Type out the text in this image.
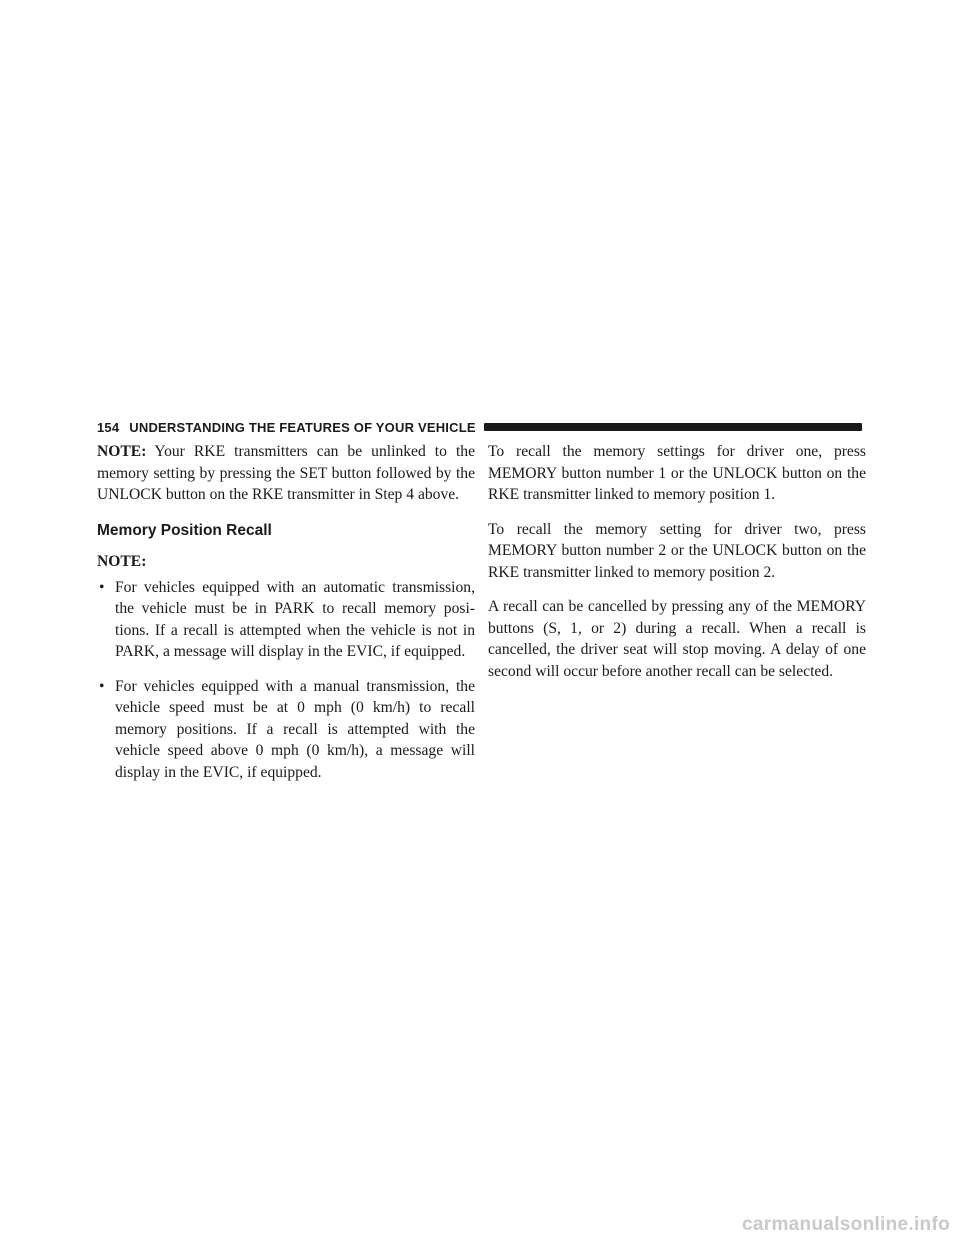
154 UNDERSTANDING THE FEATURES OF YOUR VEHICLE

NOTE: Your RKE transmitters can be unlinked to the memory setting by pressing the SET button followed by the UNLOCK button on the RKE transmitter in Step 4 above.

Memory Position Recall
NOTE:
• For vehicles equipped with an automatic transmission, the vehicle must be in PARK to recall memory posi-tions. If a recall is attempted when the vehicle is not in PARK, a message will display in the EVIC, if equipped.
• For vehicles equipped with a manual transmission, the vehicle speed must be at 0 mph (0 km/h) to recall memory positions. If a recall is attempted with the vehicle speed above 0 mph (0 km/h), a message will display in the EVIC, if equipped.

To recall the memory settings for driver one, press MEMORY button number 1 or the UNLOCK button on the RKE transmitter linked to memory position 1.

To recall the memory setting for driver two, press MEMORY button number 2 or the UNLOCK button on the RKE transmitter linked to memory position 2.

A recall can be cancelled by pressing any of the MEMORY buttons (S, 1, or 2) during a recall. When a recall is cancelled, the driver seat will stop moving. A delay of one second will occur before another recall can be selected.

carmanualsonline.info
